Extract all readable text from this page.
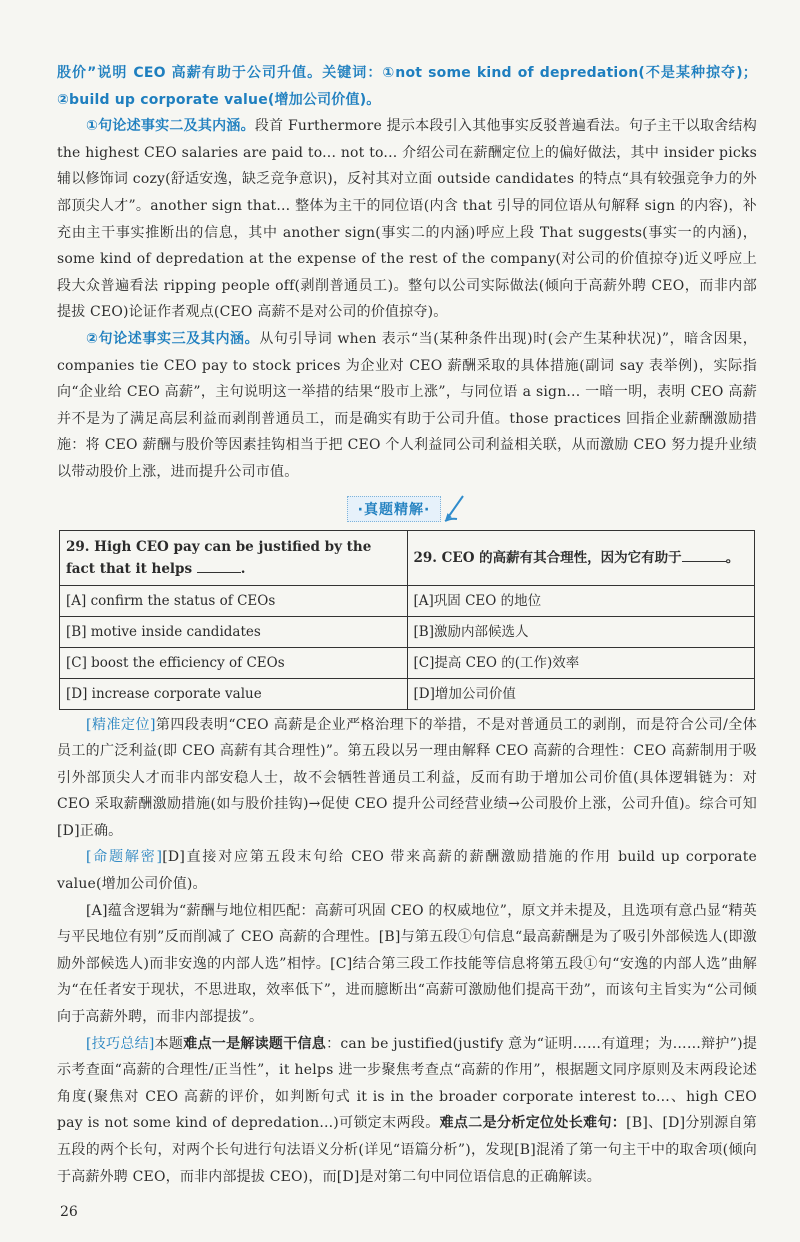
股价”说明 CEO 高薪有助于公司升值。关键词：①not some kind of depredation(不是某种掠夺)；②build up corporate value(增加公司价值)。

①句论述事实二及其内涵。段首 Furthermore 提示本段引入其他事实反驳普遍看法。句子主干以取舍结构 the highest CEO salaries are paid to... not to... 介绍公司在薪酬定位上的偏好做法，其中 insider picks 辅以修饰词 cozy(舒适安逸，缺乏竞争意识)，反衬其对立面 outside candidates 的特点“具有较强竞争力的外部顶尖人才”。another sign that... 整体为主干的同位语(内含 that 引导的同位语从句解释 sign 的内容)，补充由主干事实推断出的信息，其中 another sign(事实二的内涵)呼应上段 That suggests(事实一的内涵)，some kind of depredation at the expense of the rest of the company(对公司的价值掠夺)近义呼应上段大众普遍看法 ripping people off(剥削普通员工)。整句以公司实际做法(倾向于高薪外聘 CEO，而非内部提拔 CEO)论证作者观点(CEO 高薪不是对公司的价值掠夺)。

②句论述事实三及其内涵。从句引导词 when 表示“当(某种条件出现)时(会产生某种状况)”，暗含因果，companies tie CEO pay to stock prices 为企业对 CEO 薪酬采取的具体措施(副词 say 表举例)，实际指向“企业给 CEO 高薪”，主句说明这一举措的结果“股市上涨”，与同位语 a sign... 一暗一明，表明 CEO 高薪并不是为了满足高层利益而剥削普通员工，而是确实有助于公司升值。those practices 回指企业薪酬激励措施：将 CEO 薪酬与股价等因素挂钩相当于把 CEO 个人利益同公司利益相关联，从而激励 CEO 努力提升业绩以带动股价上涨，进而提升公司市值。

·真题精解·
29. High CEO pay can be justified by the fact that it helps .	29. CEO 的高薪有其合理性，因为它有助于 。
[A] confirm the status of CEOs	[A]巩固 CEO 的地位
[B] motive inside candidates	[B]激励内部候选人
[C] boost the efficiency of CEOs	[C]提高 CEO 的(工作)效率
[D] increase corporate value	[D]增加公司价值

[精准定位]第四段表明“CEO 高薪是企业严格治理下的举措，不是对普通员工的剥削，而是符合公司/全体员工的广泛利益(即 CEO 高薪有其合理性)”。第五段以另一理由解释 CEO 高薪的合理性：CEO 高薪制用于吸引外部顶尖人才而非内部安稳人士，故不会牺牲普通员工利益，反而有助于增加公司价值(具体逻辑链为：对 CEO 采取薪酬激励措施(如与股价挂钩)→促使 CEO 提升公司经营业绩→公司股价上涨，公司升值)。综合可知[D]正确。

[命题解密][D]直接对应第五段末句给 CEO 带来高薪的薪酬激励措施的作用 build up corporate value(增加公司价值)。

[A]蕴含逻辑为“薪酬与地位相匹配：高薪可巩固 CEO 的权威地位”，原文并未提及，且选项有意凸显“精英与平民地位有别”反而削减了 CEO 高薪的合理性。[B]与第五段①句信息“最高薪酬是为了吸引外部候选人(即激励外部候选人)而非安逸的内部人选”相悖。[C]结合第三段工作技能等信息将第五段①句“安逸的内部人选”曲解为“在任者安于现状，不思进取，效率低下”，进而臆断出“高薪可激励他们提高干劲”，而该句主旨实为“公司倾向于高薪外聘，而非内部提拔”。

[技巧总结]本题难点一是解读题干信息：can be justified(justify 意为“证明……有道理；为……辩护”)提示考查面“高薪的合理性/正当性”，it helps 进一步聚焦考查点“高薪的作用”，根据题文同序原则及末两段论述角度(聚焦对 CEO 高薪的评价，如判断句式 it is in the broader corporate interest to...、high CEO pay is not some kind of depredation...)可锁定末两段。难点二是分析定位处长难句：[B]、[D]分别源自第五段的两个长句，对两个长句进行句法语义分析(详见“语篇分析”)，发现[B]混淆了第一句主干中的取舍项(倾向于高薪外聘 CEO，而非内部提拔 CEO)，而[D]是对第二句中同位语信息的正确解读。

26
